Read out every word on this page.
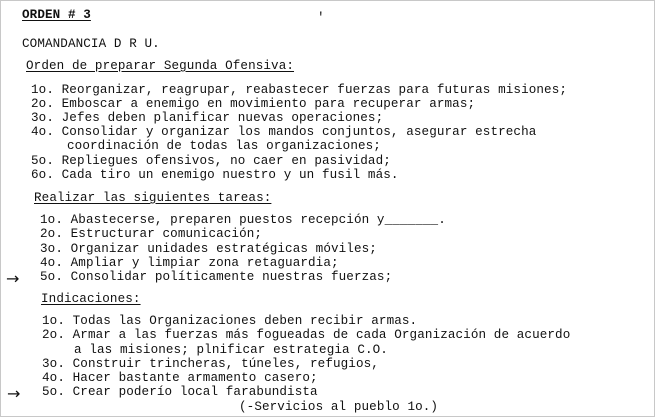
ORDEN # 3	'
COMANDANCIA D R U.
Orden de preparar Segunda Ofensiva:
1o. Reorganizar, reagrupar, reabastecer fuerzas para futuras misiones;
2o. Emboscar a enemigo en movimiento para recuperar armas;
3o. Jefes deben planificar nuevas operaciones;
4o. Consolidar y organizar los mandos conjuntos, asegurar estrecha
coordinación de todas las organizaciones;
5o. Repliegues ofensivos, no caer en pasividad;
6o. Cada tiro un enemigo nuestro y un fusil más.
Realizar las siguientes tareas:
1o. Abastecerse, preparen puestos recepción y_______.
2o. Estructurar comunicación;
3o. Organizar unidades estratégicas móviles;
4o. Ampliar y limpiar zona retaguardia;
→ 5o. Consolidar políticamente nuestras fuerzas;
Indicaciones:
1o. Todas las Organizaciones deben recibir armas.
2o. Armar a las fuerzas más fogueadas de cada Organización de acuerdo
a las misiones; plnificar estrategia C.O.
3o. Construir trincheras, túneles, refugios,
4o. Hacer bastante armamento casero;
→ 5o. Crear poderío local farabundista
(-Servicios al pueblo 1o.)
